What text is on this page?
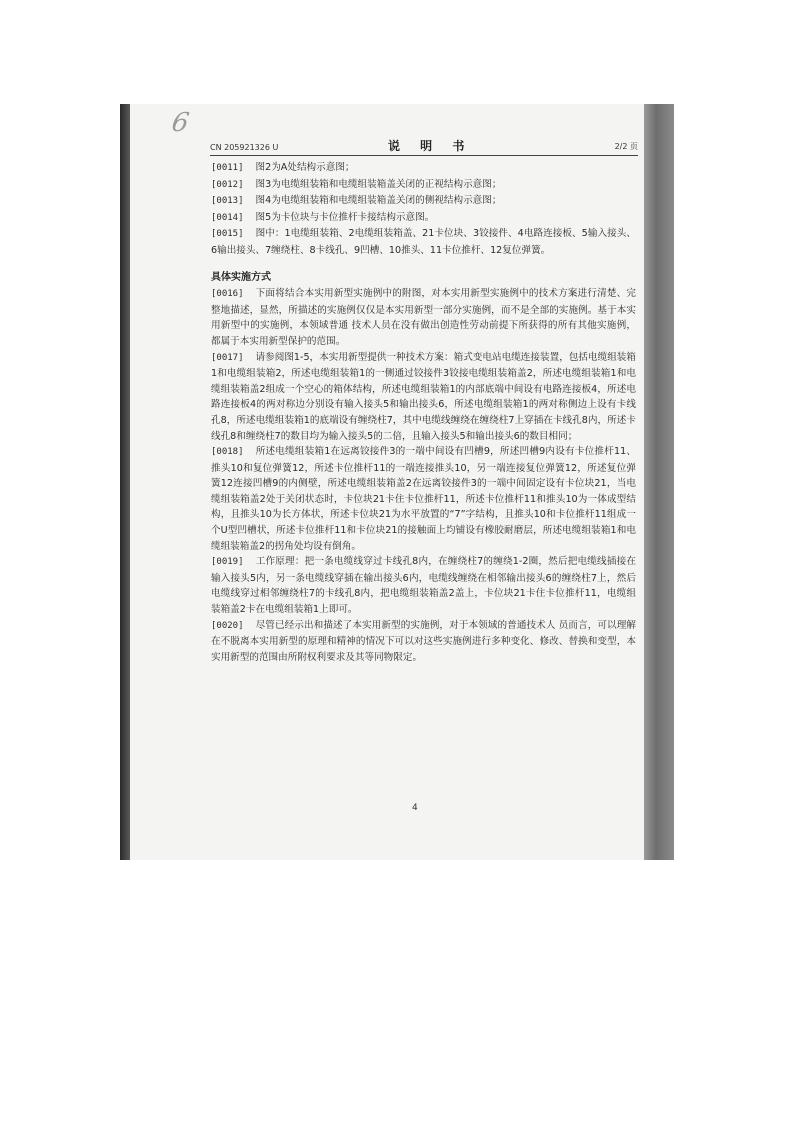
6
CN 205921326 U	说 明 书	2/2 页

[0011] 图2为A处结构示意图；

[0012] 图3为电缆组装箱和电缆组装箱盖关闭的正视结构示意图；

[0013] 图4为电缆组装箱和电缆组装箱盖关闭的侧视结构示意图；

[0014] 图5为卡位块与卡位推杆卡接结构示意图。

[0015] 图中：1电缆组装箱、2电缆组装箱盖、21卡位块、3铰接件、4电路连接板、5输入接头、6输出接头、7缠绕柱、8卡线孔、9凹槽、10推头、11卡位推杆、12复位弹簧。

具体实施方式

[0016] 下面将结合本实用新型实施例中的附图，对本实用新型实施例中的技术方案进行清楚、完整地描述，显然，所描述的实施例仅仅是本实用新型一部分实施例，而不是全部的实施例。基于本实用新型中的实施例，本领域普通 技术人员在没有做出创造性劳动前提下所获得的所有其他实施例，都属于本实用新型保护的范围。

[0017] 请参阅图1-5，本实用新型提供一种技术方案：箱式变电站电缆连接装置，包括电缆组装箱1和电缆组装箱2，所述电缆组装箱1的一侧通过铰接件3铰接电缆组装箱盖2，所述电缆组装箱1和电缆组装箱盖2组成一个空心的箱体结构，所述电缆组装箱1的内部底端中间设有电路连接板4，所述电路连接板4的两对称边分别设有输入接头5和输出接头6，所述电缆组装箱1的两对称侧边上设有卡线孔8，所述电缆组装箱1的底端设有缠绕柱7，其中电缆线缠绕在缠绕柱7上穿插在卡线孔8内，所述卡线孔8和缠绕柱7的数目均为输入接头5的二倍，且输入接头5和输出接头6的数目相同；

[0018] 所述电缆组装箱1在远离铰接件3的一端中间设有凹槽9，所述凹槽9内设有卡位推杆11、推头10和复位弹簧12，所述卡位推杆11的一端连接推头10，另一端连接复位弹簧12，所述复位弹簧12连接凹槽9的内侧壁，所述电缆组装箱盖2在远离铰接件3的一端中间固定设有卡位块21，当电缆组装箱盖2处于关闭状态时，卡位块21卡住卡位推杆11，所述卡位推杆11和推头10为一体成型结构，且推头10为长方体状，所述卡位块21为水平放置的“7”字结构，且推头10和卡位推杆11组成一个U型凹槽状，所述卡位推杆11和卡位块21的接触面上均铺设有橡胶耐磨层，所述电缆组装箱1和电缆组装箱盖2的拐角处均设有倒角。

[0019] 工作原理：把一条电缆线穿过卡线孔8内，在缠绕柱7的缠绕1-2圈，然后把电缆线插接在输入接头5内，另一条电缆线穿插在输出接头6内，电缆线缠绕在相邻输出接头6的缠绕柱7上，然后电缆线穿过相邻缠绕柱7的卡线孔8内，把电缆组装箱盖2盖上，卡位块21卡住卡位推杆11，电缆组装箱盖2卡在电缆组装箱1上即可。

[0020] 尽管已经示出和描述了本实用新型的实施例，对于本领域的普通技术人 员而言，可以理解在不脱离本实用新型的原理和精神的情况下可以对这些实施例进行多种变化、修改、替换和变型，本实用新型的范围由所附权利要求及其等同物限定。

4
